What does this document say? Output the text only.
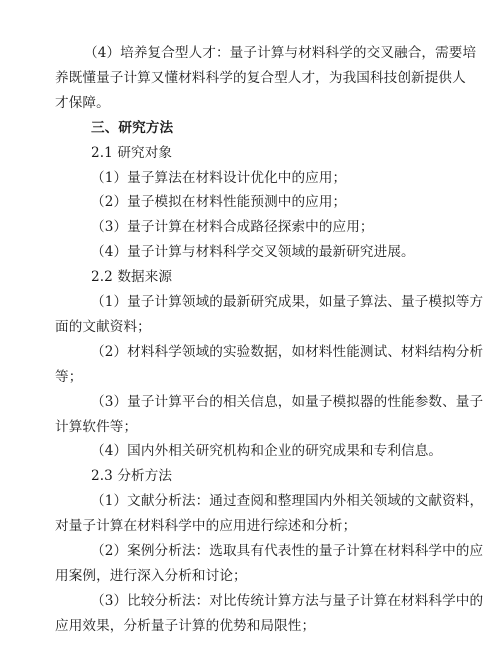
（4）培养复合型人才：量子计算与材料科学的交叉融合，需要培
养既懂量子计算又懂材料科学的复合型人才，为我国科技创新提供人
才保障。
三、研究方法
2.1 研究对象
（1）量子算法在材料设计优化中的应用；
（2）量子模拟在材料性能预测中的应用；
（3）量子计算在材料合成路径探索中的应用；
（4）量子计算与材料科学交叉领域的最新研究进展。
2.2 数据来源
（1）量子计算领域的最新研究成果，如量子算法、量子模拟等方
面的文献资料；
（2）材料科学领域的实验数据，如材料性能测试、材料结构分析
等；
（3）量子计算平台的相关信息，如量子模拟器的性能参数、量子
计算软件等；
（4）国内外相关研究机构和企业的研究成果和专利信息。
2.3 分析方法
（1）文献分析法：通过查阅和整理国内外相关领域的文献资料，
对量子计算在材料科学中的应用进行综述和分析；
（2）案例分析法：选取具有代表性的量子计算在材料科学中的应
用案例，进行深入分析和讨论；
（3）比较分析法：对比传统计算方法与量子计算在材料科学中的
应用效果，分析量子计算的优势和局限性；
